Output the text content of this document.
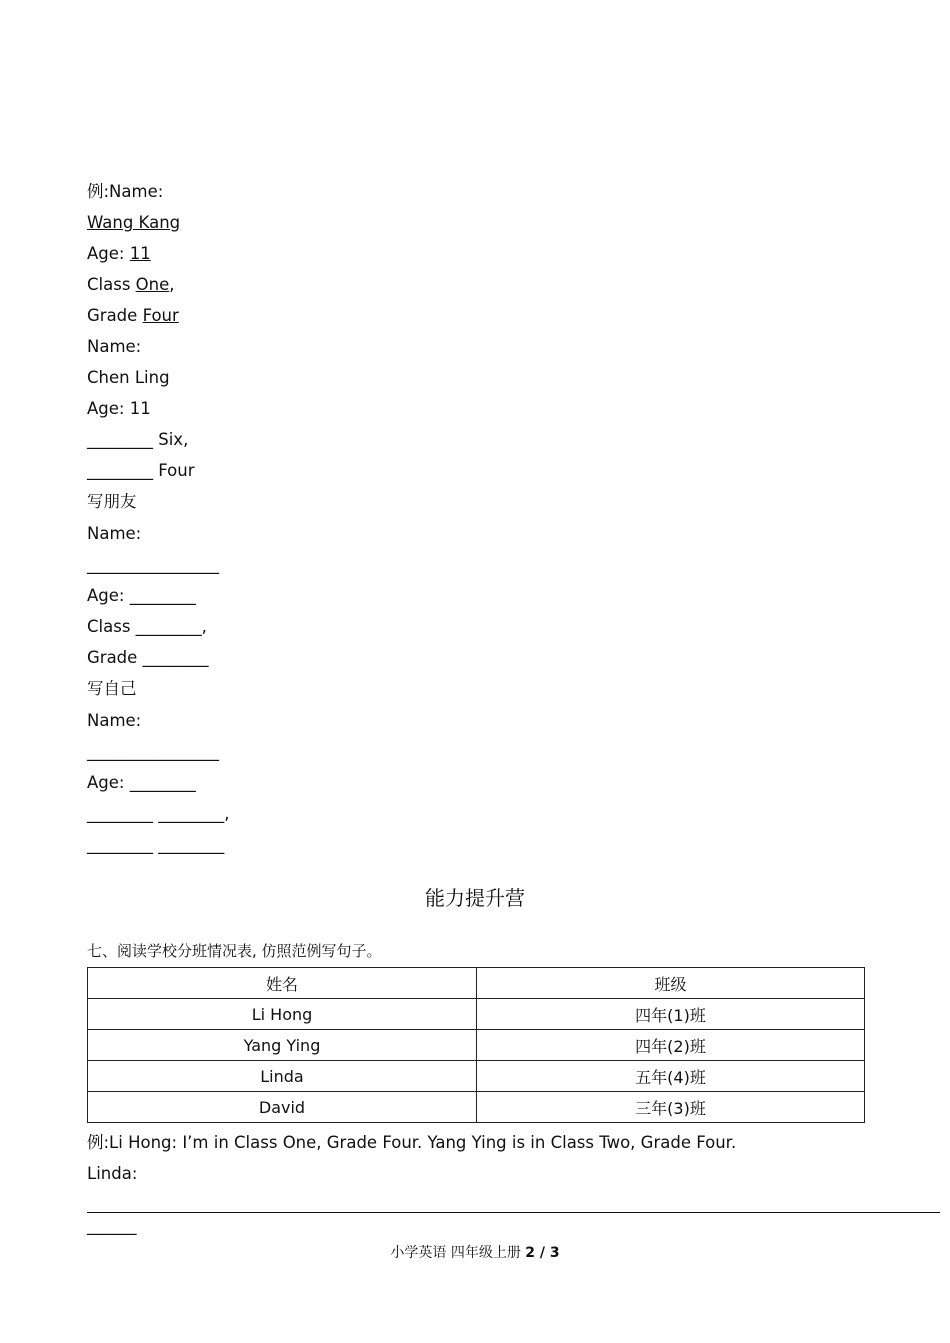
例:Name:
Wang Kang
Age: 11
Class One,
Grade Four
Name:
Chen Ling
Age: 11
________ Six,
________ Four
写朋友
Name:
________________
Age: ________
Class ________,
Grade ________
写自己
Name:
________________
Age: ________
________ ________,
________ ________
能力提升营
七、阅读学校分班情况表, 仿照范例写句子。
姓名	班级
Li Hong	四年(1)班
Yang Ying	四年(2)班
Linda	五年(4)班
David	三年(3)班
例:Li Hong: I’m in Class One, Grade Four. Yang Ying is in Class Two, Grade Four.
Linda:
______
小学英语 四年级上册 2 / 3
